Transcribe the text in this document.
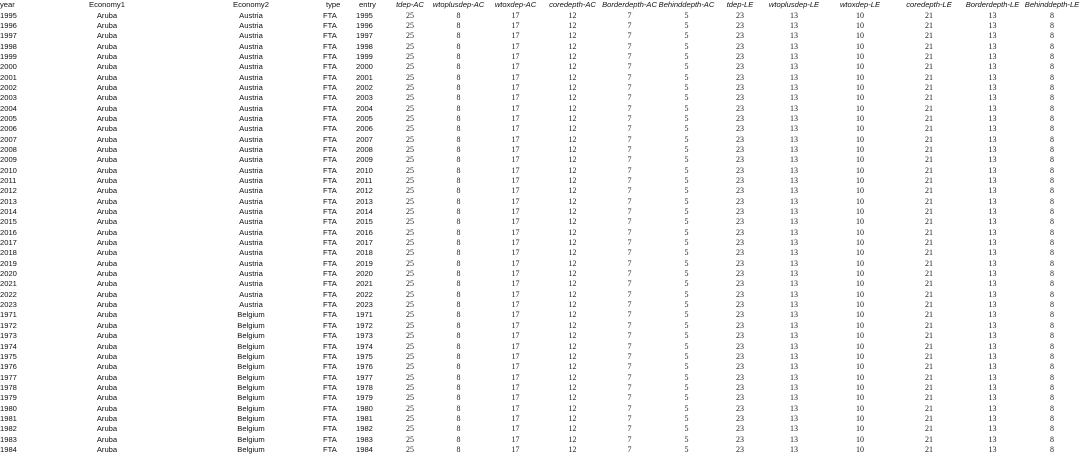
year	Economy1	Economy2	type	entry	tdep-AC	wtoplusdep-AC	wtoxdep-AC	coredepth-AC	Borderdepth-AC	Behinddepth-AC	tdep-LE	wtoplusdep-LE	wtoxdep-LE	coredepth-LE	Borderdepth-LE	Behinddepth-LE
1995	Aruba	Austria	FTA	1995	25	8	17	12	7	5	23	13	10	21	13	8
1996	Aruba	Austria	FTA	1996	25	8	17	12	7	5	23	13	10	21	13	8
1997	Aruba	Austria	FTA	1997	25	8	17	12	7	5	23	13	10	21	13	8
1998	Aruba	Austria	FTA	1998	25	8	17	12	7	5	23	13	10	21	13	8
1999	Aruba	Austria	FTA	1999	25	8	17	12	7	5	23	13	10	21	13	8
2000	Aruba	Austria	FTA	2000	25	8	17	12	7	5	23	13	10	21	13	8
2001	Aruba	Austria	FTA	2001	25	8	17	12	7	5	23	13	10	21	13	8
2002	Aruba	Austria	FTA	2002	25	8	17	12	7	5	23	13	10	21	13	8
2003	Aruba	Austria	FTA	2003	25	8	17	12	7	5	23	13	10	21	13	8
2004	Aruba	Austria	FTA	2004	25	8	17	12	7	5	23	13	10	21	13	8
2005	Aruba	Austria	FTA	2005	25	8	17	12	7	5	23	13	10	21	13	8
2006	Aruba	Austria	FTA	2006	25	8	17	12	7	5	23	13	10	21	13	8
2007	Aruba	Austria	FTA	2007	25	8	17	12	7	5	23	13	10	21	13	8
2008	Aruba	Austria	FTA	2008	25	8	17	12	7	5	23	13	10	21	13	8
2009	Aruba	Austria	FTA	2009	25	8	17	12	7	5	23	13	10	21	13	8
2010	Aruba	Austria	FTA	2010	25	8	17	12	7	5	23	13	10	21	13	8
2011	Aruba	Austria	FTA	2011	25	8	17	12	7	5	23	13	10	21	13	8
2012	Aruba	Austria	FTA	2012	25	8	17	12	7	5	23	13	10	21	13	8
2013	Aruba	Austria	FTA	2013	25	8	17	12	7	5	23	13	10	21	13	8
2014	Aruba	Austria	FTA	2014	25	8	17	12	7	5	23	13	10	21	13	8
2015	Aruba	Austria	FTA	2015	25	8	17	12	7	5	23	13	10	21	13	8
2016	Aruba	Austria	FTA	2016	25	8	17	12	7	5	23	13	10	21	13	8
2017	Aruba	Austria	FTA	2017	25	8	17	12	7	5	23	13	10	21	13	8
2018	Aruba	Austria	FTA	2018	25	8	17	12	7	5	23	13	10	21	13	8
2019	Aruba	Austria	FTA	2019	25	8	17	12	7	5	23	13	10	21	13	8
2020	Aruba	Austria	FTA	2020	25	8	17	12	7	5	23	13	10	21	13	8
2021	Aruba	Austria	FTA	2021	25	8	17	12	7	5	23	13	10	21	13	8
2022	Aruba	Austria	FTA	2022	25	8	17	12	7	5	23	13	10	21	13	8
2023	Aruba	Austria	FTA	2023	25	8	17	12	7	5	23	13	10	21	13	8
1971	Aruba	Belgium	FTA	1971	25	8	17	12	7	5	23	13	10	21	13	8
1972	Aruba	Belgium	FTA	1972	25	8	17	12	7	5	23	13	10	21	13	8
1973	Aruba	Belgium	FTA	1973	25	8	17	12	7	5	23	13	10	21	13	8
1974	Aruba	Belgium	FTA	1974	25	8	17	12	7	5	23	13	10	21	13	8
1975	Aruba	Belgium	FTA	1975	25	8	17	12	7	5	23	13	10	21	13	8
1976	Aruba	Belgium	FTA	1976	25	8	17	12	7	5	23	13	10	21	13	8
1977	Aruba	Belgium	FTA	1977	25	8	17	12	7	5	23	13	10	21	13	8
1978	Aruba	Belgium	FTA	1978	25	8	17	12	7	5	23	13	10	21	13	8
1979	Aruba	Belgium	FTA	1979	25	8	17	12	7	5	23	13	10	21	13	8
1980	Aruba	Belgium	FTA	1980	25	8	17	12	7	5	23	13	10	21	13	8
1981	Aruba	Belgium	FTA	1981	25	8	17	12	7	5	23	13	10	21	13	8
1982	Aruba	Belgium	FTA	1982	25	8	17	12	7	5	23	13	10	21	13	8
1983	Aruba	Belgium	FTA	1983	25	8	17	12	7	5	23	13	10	21	13	8
1984	Aruba	Belgium	FTA	1984	25	8	17	12	7	5	23	13	10	21	13	8
